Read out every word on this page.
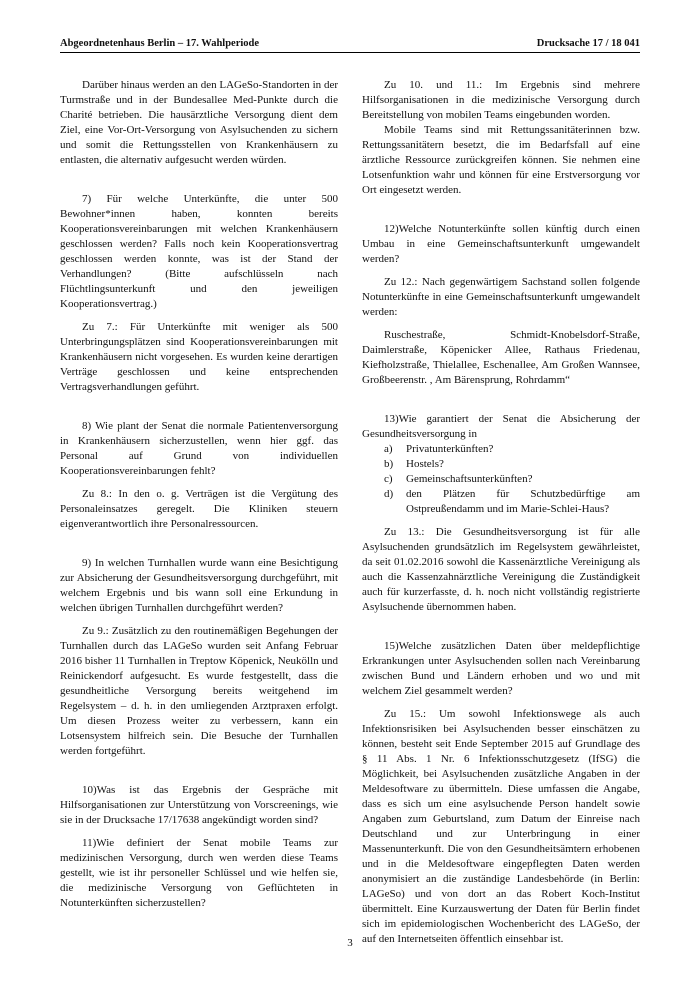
Abgeordnetenhaus Berlin – 17. Wahlperiode	Drucksache 17 / 18 041

Darüber hinaus werden an den LAGeSo-Standorten in der Turmstraße und in der Bundesallee Med-Punkte durch die Charité betrieben. Die hausärztliche Versorgung dient dem Ziel, eine Vor-Ort-Versorgung von Asylsuchenden zu sichern und somit die Rettungsstellen von Krankenhäusern zu entlasten, die alternativ aufgesucht werden würden.

7) Für welche Unterkünfte, die unter 500 Bewohner*innen haben, konnten bereits Kooperationsvereinbarungen mit welchen Krankenhäusern geschlossen werden? Falls noch kein Kooperationsvertrag geschlossen werden konnte, was ist der Stand der Verhandlungen? (Bitte aufschlüsseln nach Flüchtlingsunterkunft und den jeweiligen Kooperationsvertrag.)

Zu 7.: Für Unterkünfte mit weniger als 500 Unterbringungsplätzen sind Kooperationsvereinbarungen mit Krankenhäusern nicht vorgesehen. Es wurden keine derartigen Verträge geschlossen und keine entsprechenden Vertragsverhandlungen geführt.

8) Wie plant der Senat die normale Patientenversorgung in Krankenhäusern sicherzustellen, wenn hier ggf. das Personal auf Grund von individuellen Kooperationsvereinbarungen fehlt?

Zu 8.: In den o. g. Verträgen ist die Vergütung des Personaleinsatzes geregelt. Die Kliniken steuern eigenverantwortlich ihre Personalressourcen.

9) In welchen Turnhallen wurde wann eine Besichtigung zur Absicherung der Gesundheitsversorgung durchgeführt, mit welchem Ergebnis und bis wann soll eine Erkundung in welchen übrigen Turnhallen durchgeführt werden?

Zu 9.: Zusätzlich zu den routinemäßigen Begehungen der Turnhallen durch das LAGeSo wurden seit Anfang Februar 2016 bisher 11 Turnhallen in Treptow Köpenick, Neukölln und Reinickendorf aufgesucht. Es wurde festgestellt, dass die gesundheitliche Versorgung bereits weitgehend im Regelsystem – d. h. in den umliegenden Arztpraxen erfolgt. Um diesen Prozess weiter zu verbessern, kann ein Lotsensystem hilfreich sein. Die Besuche der Turnhallen werden fortgeführt.

10)Was ist das Ergebnis der Gespräche mit Hilfsorganisationen zur Unterstützung von Vorscreenings, wie sie in der Drucksache 17/17638 angekündigt worden sind?

11)Wie definiert der Senat mobile Teams zur medizinischen Versorgung, durch wen werden diese Teams gestellt, wie ist ihr personeller Schlüssel und wie helfen sie, die medizinische Versorgung von Geflüchteten in Notunterkünften sicherzustellen?

Zu 10. und 11.: Im Ergebnis sind mehrere Hilfsorganisationen in die medizinische Versorgung durch Bereitstellung von mobilen Teams eingebunden worden.

Mobile Teams sind mit Rettungssanitäterinnen bzw. Rettungssanitätern besetzt, die im Bedarfsfall auf eine ärztliche Ressource zurückgreifen können. Sie nehmen eine Lotsenfunktion wahr und können für eine Erstversorgung vor Ort eingesetzt werden.

12)Welche Notunterkünfte sollen künftig durch einen Umbau in eine Gemeinschaftsunterkunft umgewandelt werden?

Zu 12.: Nach gegenwärtigem Sachstand sollen folgende Notunterkünfte in eine Gemeinschaftsunterkunft umgewandelt werden:

Ruschestraße, Schmidt-Knobelsdorf-Straße, Daimlerstraße, Köpenicker Allee, Rathaus Friedenau, Kiefholzstraße, Thielallee, Eschenallee, Am Großen Wannsee, Großbeerenstr. , Am Bärensprung, Rohrdamm“

13)Wie garantiert der Senat die Absicherung der Gesundheitsversorgung in

a) Privatunterkünften?
b) Hostels?
c) Gemeinschaftsunterkünften?
d) den Plätzen für Schutzbedürftige am Ostpreußendamm und im Marie-Schlei-Haus?

Zu 13.: Die Gesundheitsversorgung ist für alle Asylsuchenden grundsätzlich im Regelsystem gewährleistet, da seit 01.02.2016 sowohl die Kassenärztliche Vereinigung als auch die Kassenzahnärztliche Vereinigung die Zuständigkeit auch für kurzerfasste, d. h. noch nicht vollständig registrierte Asylsuchende übernommen haben.

15)Welche zusätzlichen Daten über meldepflichtige Erkrankungen unter Asylsuchenden sollen nach Vereinbarung zwischen Bund und Ländern erhoben und wo und mit welchem Ziel gesammelt werden?

Zu 15.: Um sowohl Infektionswege als auch Infektionsrisiken bei Asylsuchenden besser einschätzen zu können, besteht seit Ende September 2015 auf Grundlage des § 11 Abs. 1 Nr. 6 Infektionsschutzgesetz (IfSG) die Möglichkeit, bei Asylsuchenden zusätzliche Angaben in der Meldesoftware zu übermitteln. Diese umfassen die Angabe, dass es sich um eine asylsuchende Person handelt sowie Angaben zum Geburtsland, zum Datum der Einreise nach Deutschland und zur Unterbringung in einer Massenunterkunft. Die von den Gesundheitsämtern erhobenen und in die Meldesoftware eingepflegten Daten werden anonymisiert an die zuständige Landesbehörde (in Berlin: LAGeSo) und von dort an das Robert Koch-Institut übermittelt. Eine Kurzauswertung der Daten für Berlin findet sich im epidemiologischen Wochenbericht des LAGeSo, der auf den Internetseiten öffentlich einsehbar ist.

3
